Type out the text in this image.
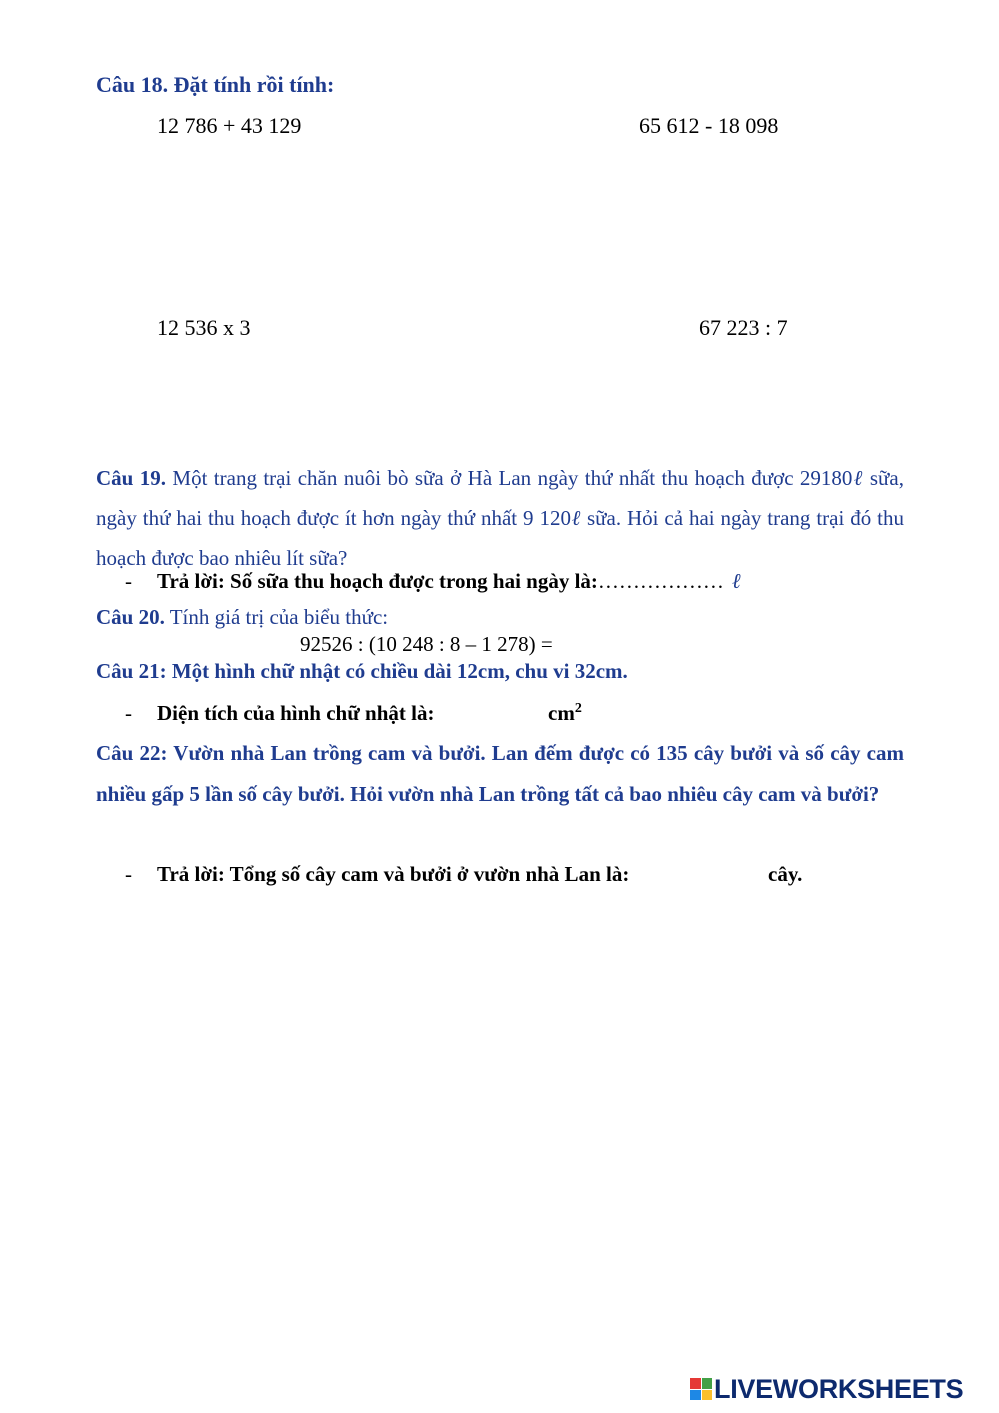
Câu 18. Đặt tính rồi tính:
12 786 + 43 129	65 612 - 18 098
12 536 x 3	67 223 : 7
Câu 19. Một trang trại chăn nuôi bò sữa ở Hà Lan ngày thứ nhất thu hoạch được 29180ℓ sữa, ngày thứ hai thu hoạch được ít hơn ngày thứ nhất 9 120ℓ sữa. Hỏi cả hai ngày trang trại đó thu hoạch được bao nhiêu lít sữa?
- Trả lời: Số sữa thu hoạch được trong hai ngày là:……………… ℓ
Câu 20. Tính giá trị của biểu thức:
92526 : (10 248 : 8 – 1 278) =
Câu 21: Một hình chữ nhật có chiều dài 12cm, chu vi 32cm.
- Diện tích của hình chữ nhật là:	$cm^2$
Câu 22: Vườn nhà Lan trồng cam và bưởi. Lan đếm được có 135 cây bưởi và số cây cam nhiều gấp 5 lần số cây bưởi. Hỏi vườn nhà Lan trồng tất cả bao nhiêu cây cam và bưởi?
- Trả lời: Tổng số cây cam và bưởi ở vườn nhà Lan là:	cây.
LIVEWORKSHEETS
